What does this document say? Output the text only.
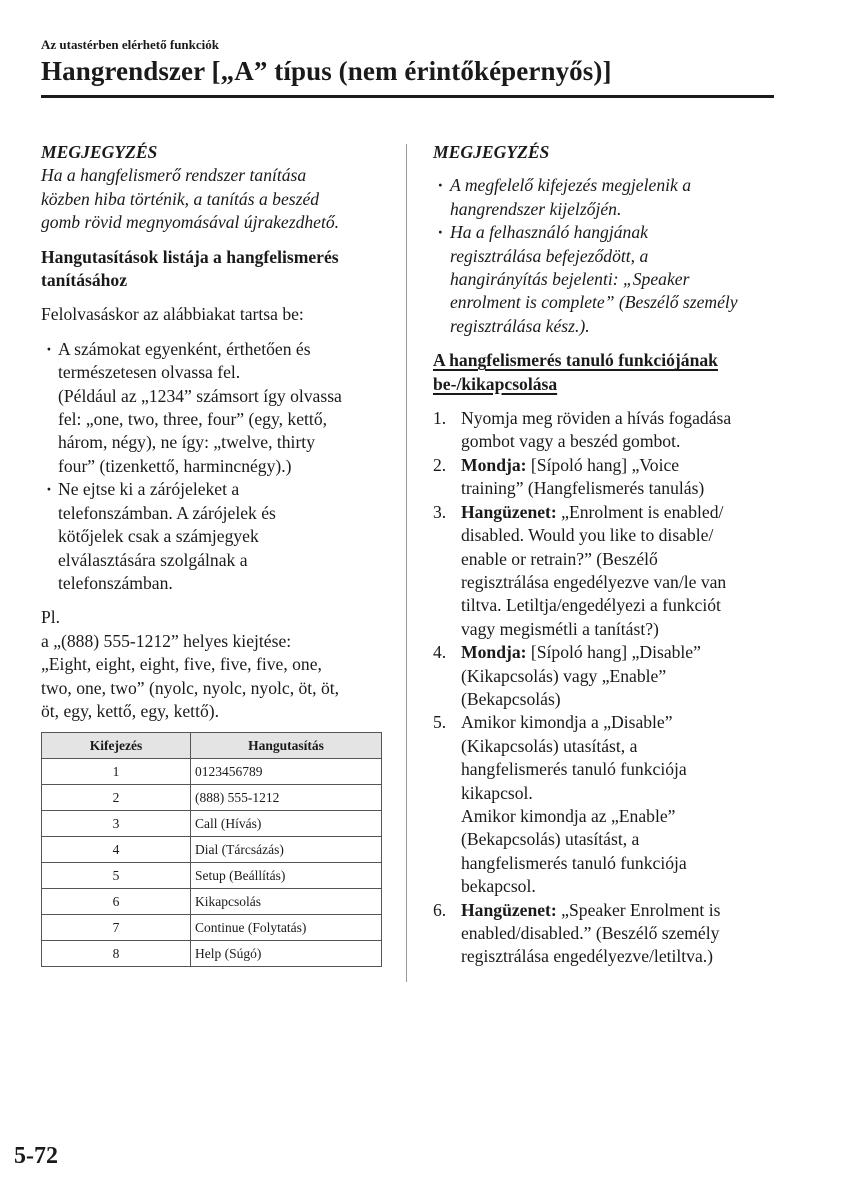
Az utastérben elérhető funkciók
Hangrendszer [„A” típus (nem érintőképernyős)]

MEGJEGYZÉS

Ha a hangfelismerő rendszer tanítása
közben hiba történik, a tanítás a beszéd
gomb rövid megnyomásával újrakezdhető.

Hangutasítások listája a hangfelismerés
tanításához

Felolvasáskor az alábbiakat tartsa be:

· A számokat egyenként, érthetően és
természetesen olvassa fel.
(Például az „1234” számsort így olvassa
fel: „one, two, three, four” (egy, kettő,
három, négy), ne így: „twelve, thirty
four” (tizenkettő, harmincnégy).)
· Ne ejtse ki a zárójeleket a
telefonszámban. A zárójelek és
kötőjelek csak a számjegyek
elválasztására szolgálnak a
telefonszámban.

Pl.

a „(888) 555-1212” helyes kiejtése:
„Eight, eight, eight, five, five, five, one,
two, one, two” (nyolc, nyolc, nyolc, öt, öt,
öt, egy, kettő, egy, kettő).

Kifejezés	Hangutasítás
1	0123456789
2	(888) 555-1212
3	Call (Hívás)
4	Dial (Tárcsázás)
5	Setup (Beállítás)
6	Kikapcsolás
7	Continue (Folytatás)
8	Help (Súgó)

MEGJEGYZÉS

· A megfelelő kifejezés megjelenik a
hangrendszer kijelzőjén.
· Ha a felhasználó hangjának
regisztrálása befejeződött, a
hangirányítás bejelenti: „Speaker
enrolment is complete” (Beszélő személy
regisztrálása kész.).

A hangfelismerés tanuló funkciójának
be-/kikapcsolása

1. Nyomja meg röviden a hívás fogadása
gombot vagy a beszéd gombot.
2. Mondja: [Sípoló hang] „Voice
training” (Hangfelismerés tanulás)
3. Hangüzenet: „Enrolment is enabled/
disabled. Would you like to disable/
enable or retrain?” (Beszélő
regisztrálása engedélyezve van/le van
tiltva. Letiltja/engedélyezi a funkciót
vagy megismétli a tanítást?)
4. Mondja: [Sípoló hang] „Disable”
(Kikapcsolás) vagy „Enable”
(Bekapcsolás)
5. Amikor kimondja a „Disable”
(Kikapcsolás) utasítást, a
hangfelismerés tanuló funkciója
kikapcsol.
Amikor kimondja az „Enable”
(Bekapcsolás) utasítást, a
hangfelismerés tanuló funkciója
bekapcsol.
6. Hangüzenet: „Speaker Enrolment is
enabled/disabled.” (Beszélő személy
regisztrálása engedélyezve/letiltva.)
5-72
